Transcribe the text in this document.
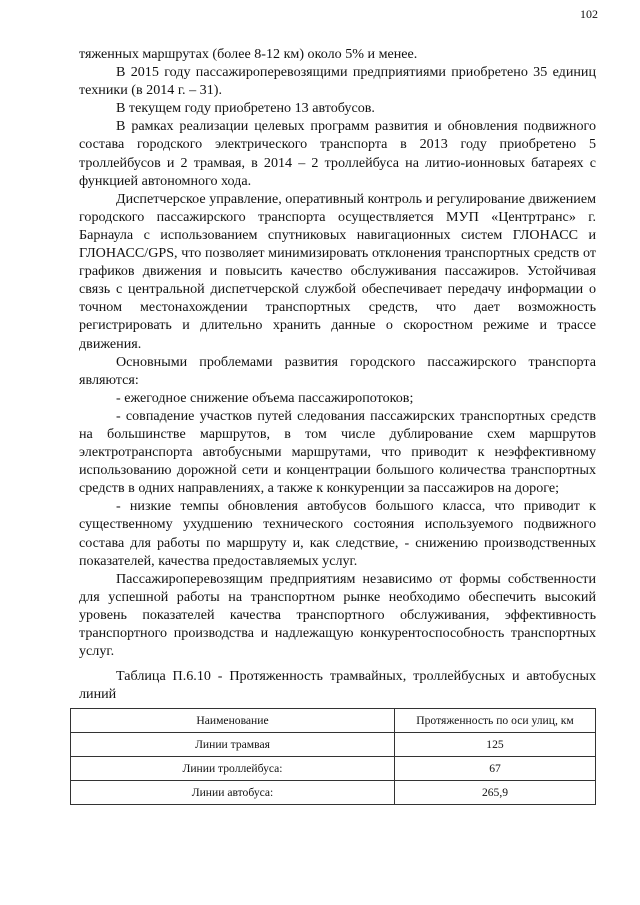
102

тяженных маршрутах (более 8-12 км) около 5% и менее.

В 2015 году пассажироперевозящими предприятиями приобретено 35 единиц техники (в 2014 г. – 31).

В текущем году приобретено 13 автобусов.

В рамках реализации целевых программ развития и обновления подвижного состава городского электрического транспорта в 2013 году приобретено 5 троллейбусов и 2 трамвая, в 2014 – 2 троллейбуса на литио-ионновых батареях с функцией автономного хода.

Диспетчерское управление, оперативный контроль и регулирование движением городского пассажирского транспорта осуществляется МУП «Центртранс» г. Барнаула с использованием спутниковых навигационных систем ГЛОНАСС и ГЛОНАСС/GPS, что позволяет минимизировать отклонения транспортных средств от графиков движения и повысить качество обслуживания пассажиров. Устойчивая связь с центральной диспетчерской службой обеспечивает передачу информации о точном местонахождении транспортных средств, что дает возможность регистрировать и длительно хранить данные о скоростном режиме и трассе движения.

Основными проблемами развития городского пассажирского транспорта являются:

- ежегодное снижение объема пассажиропотоков;

- совпадение участков путей следования пассажирских транспортных средств на большинстве маршрутов, в том числе дублирование схем маршрутов электротранспорта автобусными маршрутами, что приводит к неэффективному использованию дорожной сети и концентрации большого количества транспортных средств в одних направлениях, а также к конкуренции за пассажиров на дороге;

- низкие темпы обновления автобусов большого класса, что приводит к существенному ухудшению технического состояния используемого подвижного состава для работы по маршруту и, как следствие, - снижению производственных показателей, качества предоставляемых услуг.

Пассажироперевозящим предприятиям независимо от формы собственности для успешной работы на транспортном рынке необходимо обеспечить высокий уровень показателей качества транспортного обслуживания, эффективность транспортного производства и надлежащую конкурентоспособность транспортных услуг.

Таблица П.6.10 - Протяженность трамвайных, троллейбусных и автобусных линий
Наименование	Протяженность по оси улиц, км
Линии трамвая	125
Линии троллейбуса:	67
Линии автобуса:	265,9
